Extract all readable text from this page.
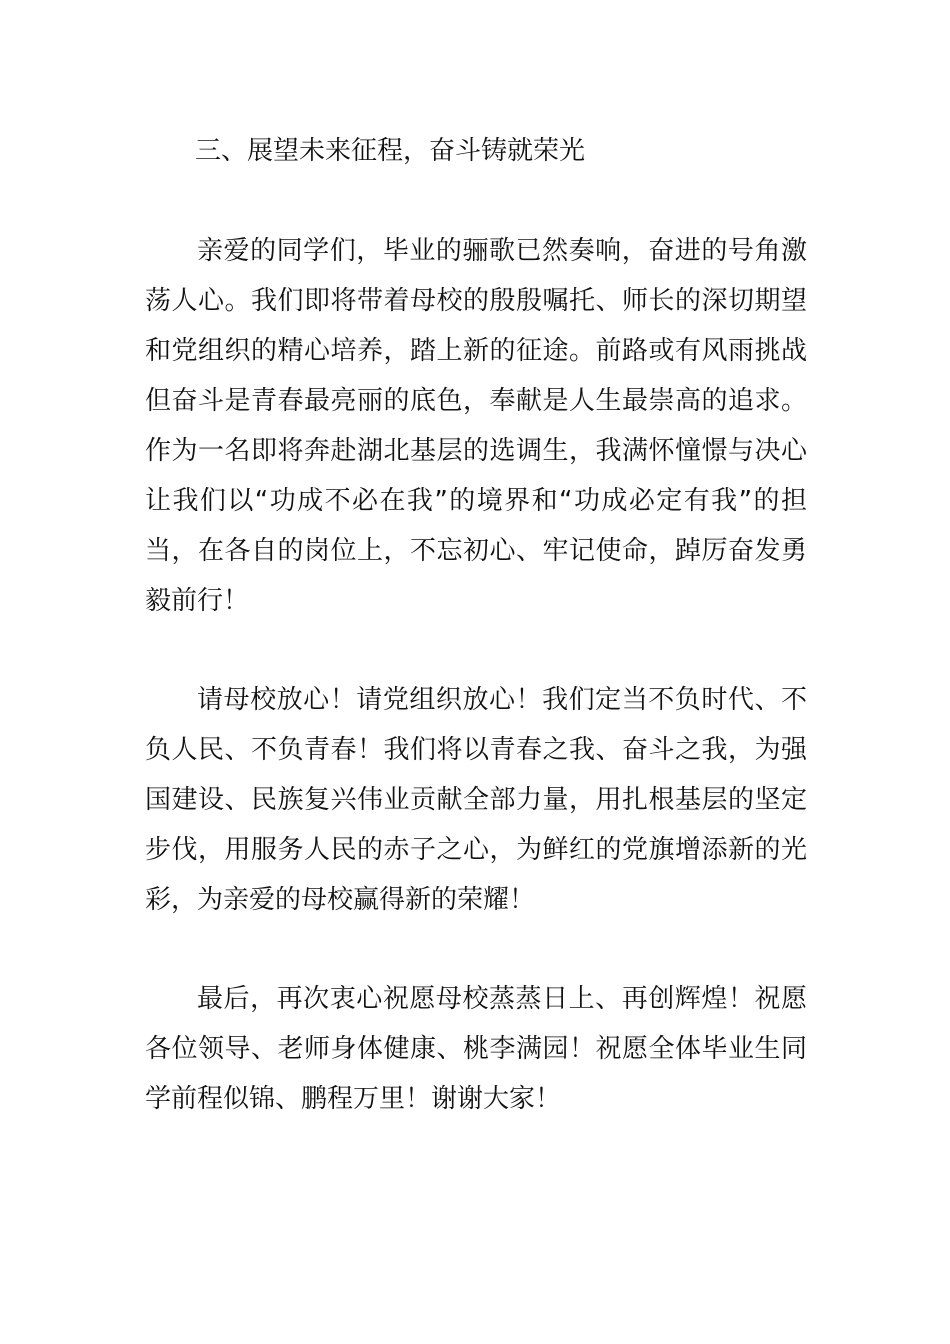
三、展望未来征程，奋斗铸就荣光

亲爱的同学们，毕业的骊歌已然奏响，奋进的号角激荡人心。我们即将带着母校的殷殷嘱托、师长的深切期望和党组织的精心培养，踏上新的征途。前路或有风雨挑战但奋斗是青春最亮丽的底色，奉献是人生最崇高的追求。作为一名即将奔赴湖北基层的选调生，我满怀憧憬与决心让我们以“功成不必在我”的境界和“功成必定有我”的担当，在各自的岗位上，不忘初心、牢记使命，踔厉奋发勇毅前行！

请母校放心！请党组织放心！我们定当不负时代、不负人民、不负青春！我们将以青春之我、奋斗之我，为强国建设、民族复兴伟业贡献全部力量，用扎根基层的坚定步伐，用服务人民的赤子之心，为鲜红的党旗增添新的光彩，为亲爱的母校赢得新的荣耀！

最后，再次衷心祝愿母校蒸蒸日上、再创辉煌！祝愿各位领导、老师身体健康、桃李满园！祝愿全体毕业生同学前程似锦、鹏程万里！谢谢大家！
